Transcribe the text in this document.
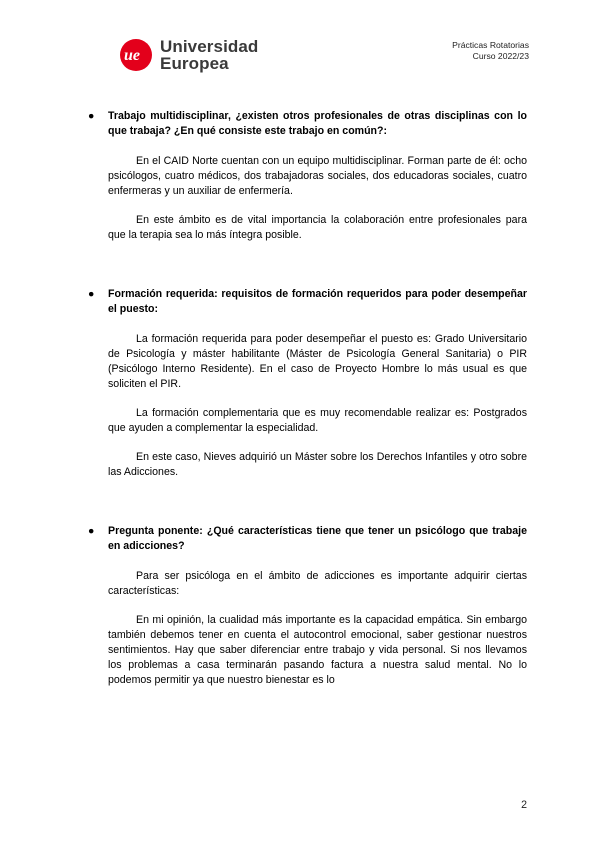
ue Universidad
Europea
Prácticas Rotatorias
Curso 2022/23

● Trabajo multidisciplinar, ¿existen otros profesionales de otras disciplinas con lo que trabaja? ¿En qué consiste este trabajo en común?:

En el CAID Norte cuentan con un equipo multidisciplinar. Forman parte de él: ocho psicólogos, cuatro médicos, dos trabajadoras sociales, dos educadoras sociales, cuatro enfermeras y un auxiliar de enfermería.

En este ámbito es de vital importancia la colaboración entre profesionales para que la terapia sea lo más íntegra posible.

● Formación requerida: requisitos de formación requeridos para poder desempeñar el puesto:

La formación requerida para poder desempeñar el puesto es: Grado Universitario de Psicología y máster habilitante (Máster de Psicología General Sanitaria) o PIR (Psicólogo Interno Residente). En el caso de Proyecto Hombre lo más usual es que soliciten el PIR.

La formación complementaria que es muy recomendable realizar es: Postgrados que ayuden a complementar la especialidad.

En este caso, Nieves adquirió un Máster sobre los Derechos Infantiles y otro sobre las Adicciones.

● Pregunta ponente: ¿Qué características tiene que tener un psicólogo que trabaje en adicciones?

Para ser psicóloga en el ámbito de adicciones es importante adquirir ciertas características:

En mi opinión, la cualidad más importante es la capacidad empática. Sin embargo también debemos tener en cuenta el autocontrol emocional, saber gestionar nuestros sentimientos. Hay que saber diferenciar entre trabajo y vida personal. Si nos llevamos los problemas a casa terminarán pasando factura a nuestra salud mental. No lo podemos permitir ya que nuestro bienestar es lo

2
